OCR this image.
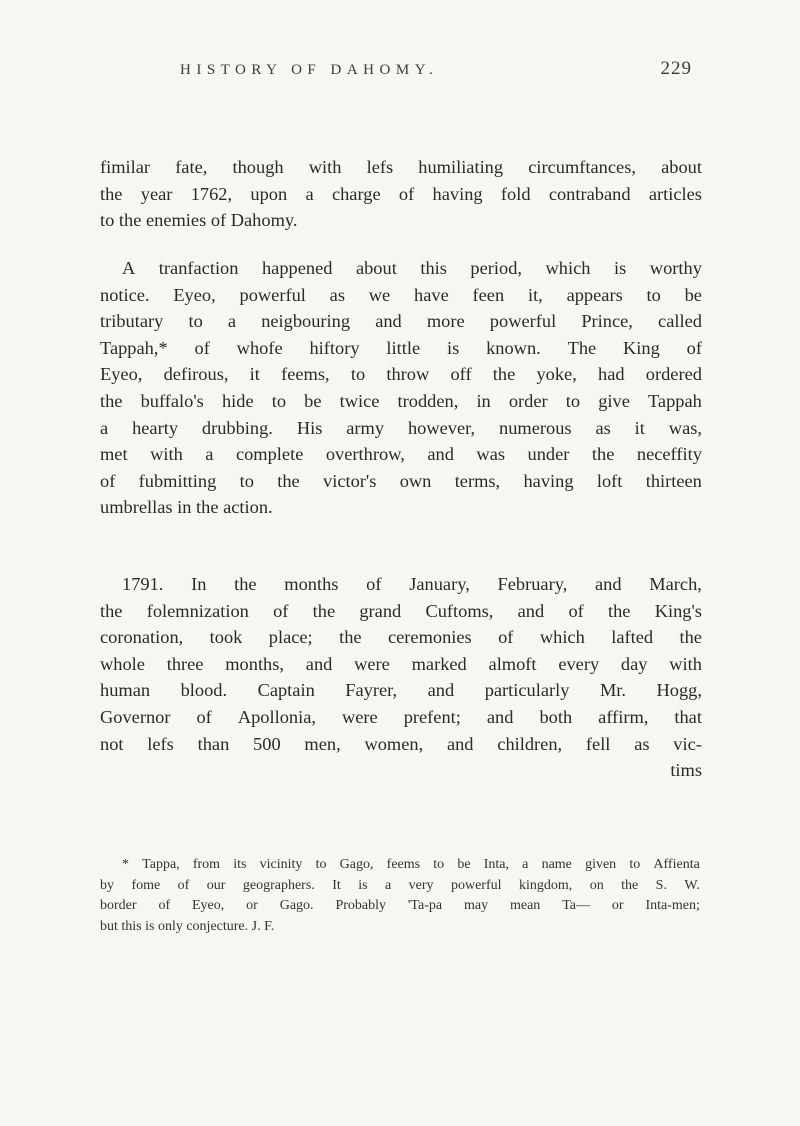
HISTORY OF DAHOMY.	229
fimilar fate, though with lefs humiliating circumftances, about
the year 1762, upon a charge of having fold contraband articles
to the enemies of Dahomy.
A tranfaction happened about this period, which is worthy
notice. Eyeo, powerful as we have feen it, appears to be
tributary to a neigbouring and more powerful Prince, called
Tappah,* of whofe hiftory little is known. The King of
Eyeo, defirous, it feems, to throw off the yoke, had ordered
the buffalo's hide to be twice trodden, in order to give Tappah
a hearty drubbing. His army however, numerous as it was,
met with a complete overthrow, and was under the neceffity
of fubmitting to the victor's own terms, having loft thirteen
umbrellas in the action.
1791. In the months of January, February, and March,
the folemnization of the grand Cuftoms, and of the King's
coronation, took place; the ceremonies of which lafted the
whole three months, and were marked almoft every day with
human blood. Captain Fayrer, and particularly Mr. Hogg,
Governor of Apollonia, were prefent; and both affirm, that
not lefs than 500 men, women, and children, fell as vic-
tims
* Tappa, from its vicinity to Gago, feems to be Inta, a name given to Affienta
by fome of our geographers. It is a very powerful kingdom, on the S. W.
border of Eyeo, or Gago. Probably 'Ta-pa may mean Ta— or Inta-men;
but this is only conjecture. J. F.
